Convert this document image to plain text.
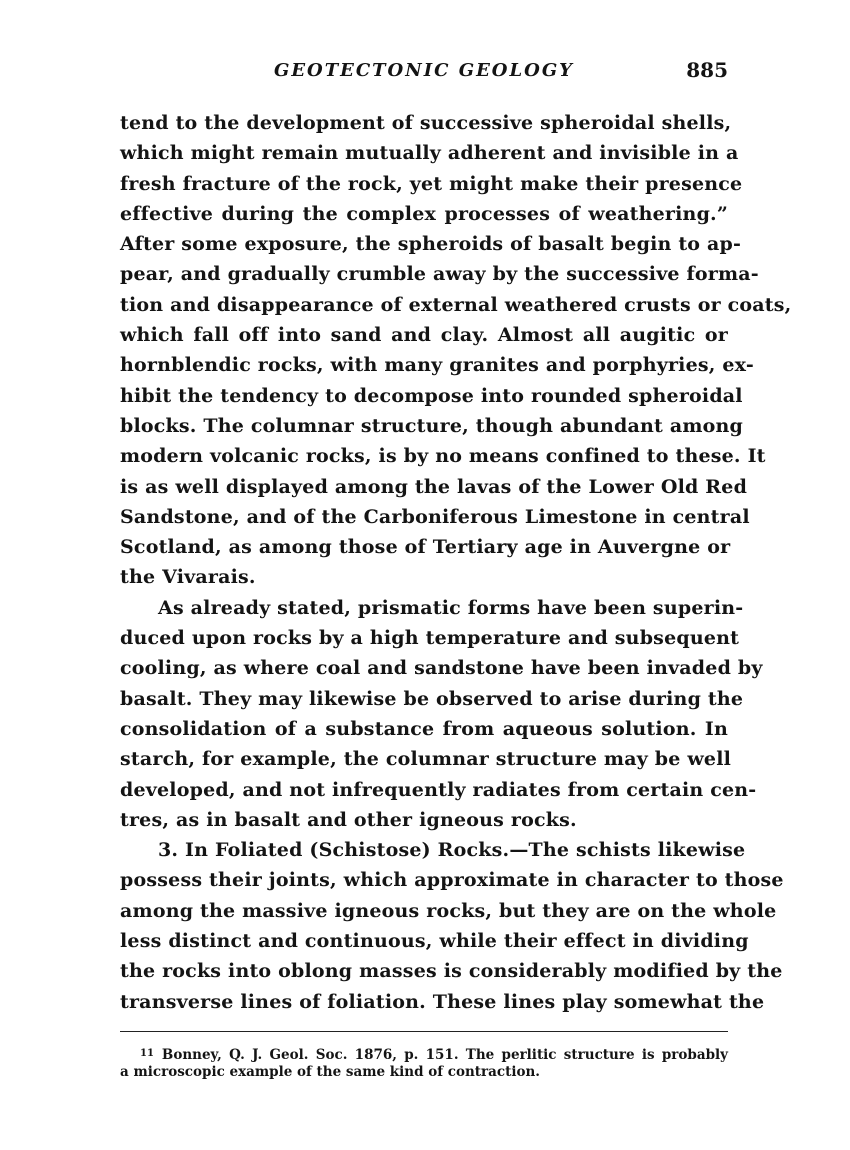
GEOTECTONIC GEOLOGY	885
tend to the development of successive spheroidal shells,
which might remain mutually adherent and invisible in a
fresh fracture of the rock, yet might make their presence
effective during the complex processes of weathering.”
After some exposure, the spheroids of basalt begin to ap-
pear, and gradually crumble away by the successive forma-
tion and disappearance of external weathered crusts or coats,
which fall off into sand and clay. Almost all augitic or
hornblendic rocks, with many granites and porphyries, ex-
hibit the tendency to decompose into rounded spheroidal
blocks. The columnar structure, though abundant among
modern volcanic rocks, is by no means confined to these. It
is as well displayed among the lavas of the Lower Old Red
Sandstone, and of the Carboniferous Limestone in central
Scotland, as among those of Tertiary age in Auvergne or
the Vivarais.
As already stated, prismatic forms have been superin-
duced upon rocks by a high temperature and subsequent
cooling, as where coal and sandstone have been invaded by
basalt. They may likewise be observed to arise during the
consolidation of a substance from aqueous solution. In
starch, for example, the columnar structure may be well
developed, and not infrequently radiates from certain cen-
tres, as in basalt and other igneous rocks.
3. In Foliated (Schistose) Rocks.—The schists likewise
possess their joints, which approximate in character to those
among the massive igneous rocks, but they are on the whole
less distinct and continuous, while their effect in dividing
the rocks into oblong masses is considerably modified by the
transverse lines of foliation. These lines play somewhat the
$^{11}$ Bonney, Q. J. Geol. Soc. 1876, p. 151. The perlitic structure is probably
a microscopic example of the same kind of contraction.
